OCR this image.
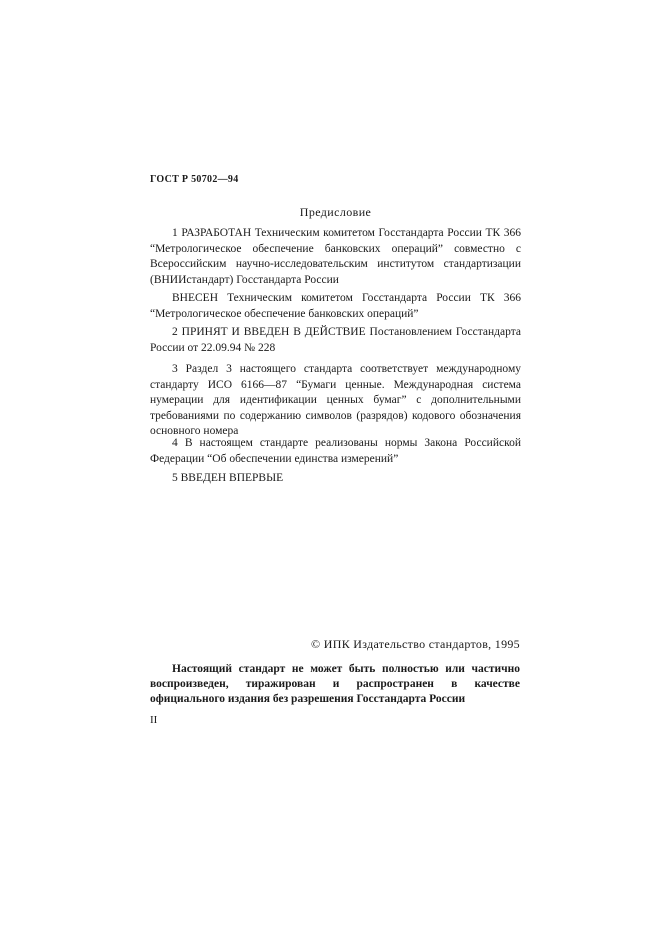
ГОСТ Р 50702—94
Предисловие
1 РАЗРАБОТАН Техническим комитетом Госстандарта России ТК 366 “Метрологическое обеспечение банковских операций” совместно с Всероссийским научно-исследовательским институтом стандартизации (ВНИИстандарт) Госстандарта России
ВНЕСЕН Техническим комитетом Госстандарта России ТК 366 “Метрологическое обеспечение банковских операций”
2 ПРИНЯТ И ВВЕДЕН В ДЕЙСТВИЕ Постановлением Госстандарта России от 22.09.94 № 228
3 Раздел 3 настоящего стандарта соответствует международному стандарту ИСО 6166—87 “Бумаги ценные. Международная система нумерации для идентификации ценных бумаг” с дополнительными требованиями по содержанию символов (разрядов) кодового обозначения основного номера
4 В настоящем стандарте реализованы нормы Закона Российской Федерации “Об обеспечении единства измерений”
5 ВВЕДЕН ВПЕРВЫЕ
© ИПК Издательство стандартов, 1995
Настоящий стандарт не может быть полностью или частично воспроизведен, тиражирован и распространен в качестве официального издания без разрешения Госстандарта России
II
